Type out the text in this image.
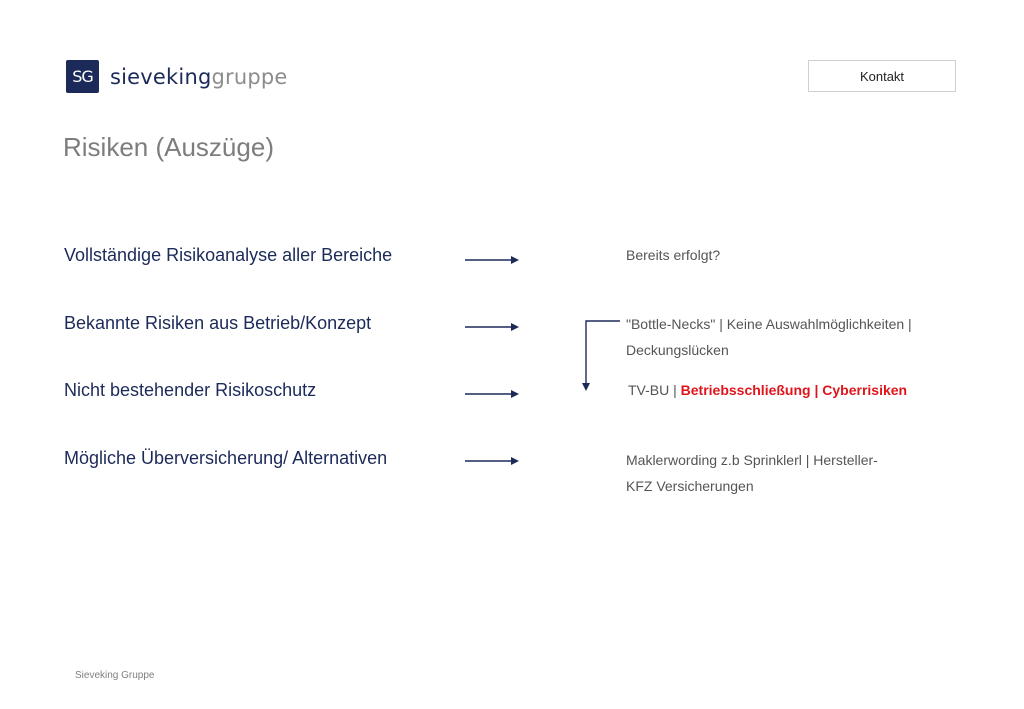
SG sievekinggruppe	Kontakt
Risiken (Auszüge)
Vollständige Risikoanalyse aller Bereiche	Bereits erfolgt?
Bekannte Risiken aus Betrieb/Konzept	"Bottle-Necks" | Keine Auswahlmöglichkeiten |
Deckungslücken
Nicht bestehender Risikoschutz	TV-BU | Betriebsschließung | Cyberrisiken
Mögliche Überversicherung/ Alternativen	Maklerwording z.b Sprinklerl | Hersteller-
KFZ Versicherungen
Sieveking Gruppe
